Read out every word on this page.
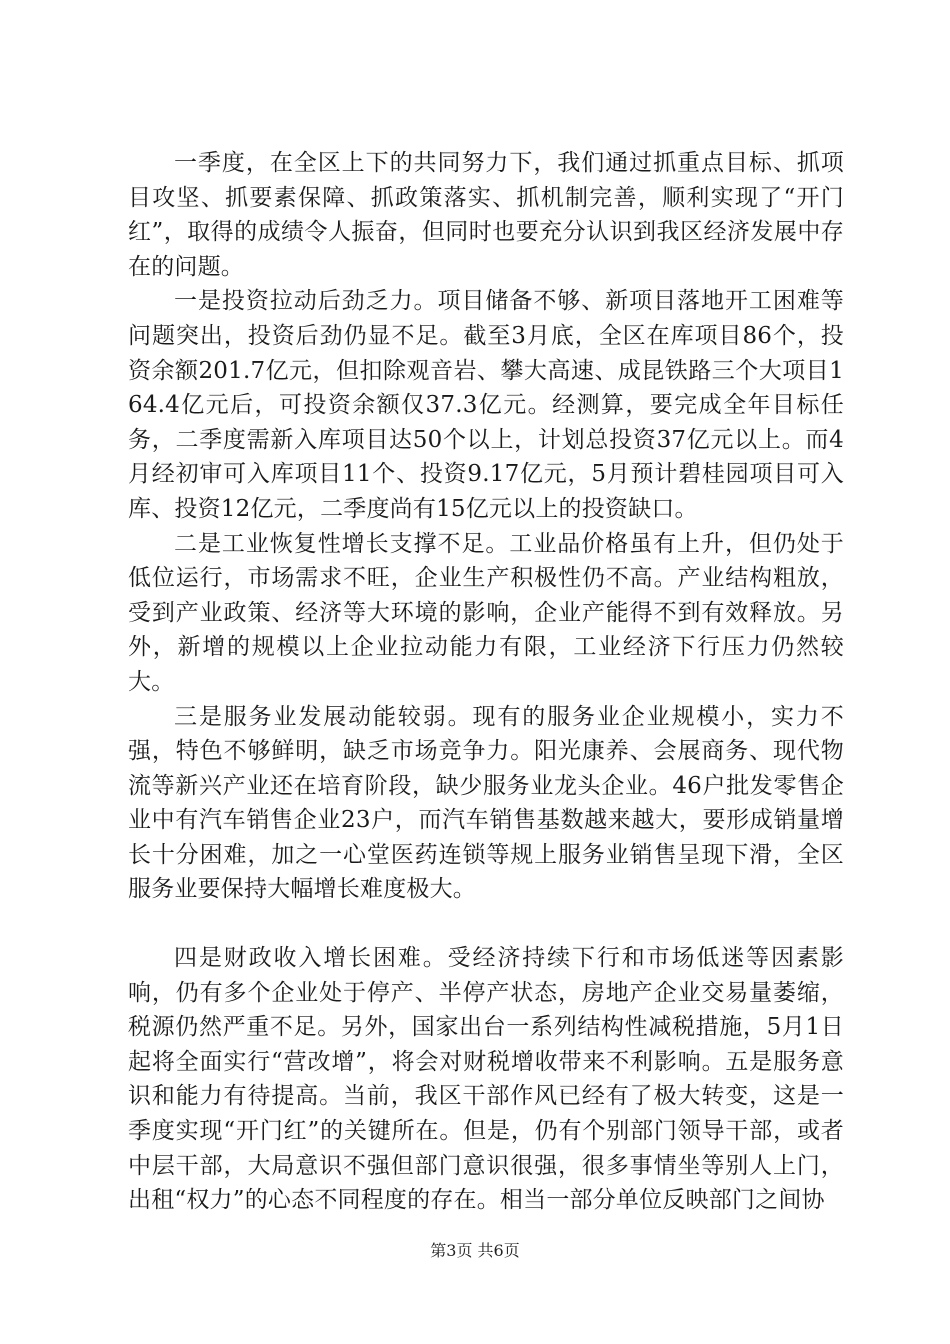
一季度，在全区上下的共同努力下，我们通过抓重点目标、抓项目攻坚、抓要素保障、抓政策落实、抓机制完善，顺利实现了“开门红”，取得的成绩令人振奋，但同时也要充分认识到我区经济发展中存在的问题。

一是投资拉动后劲乏力。项目储备不够、新项目落地开工困难等问题突出，投资后劲仍显不足。截至3月底，全区在库项目86个，投资余额201.7亿元，但扣除观音岩、攀大高速、成昆铁路三个大项目164.4亿元后，可投资余额仅37.3亿元。经测算，要完成全年目标任务，二季度需新入库项目达50个以上，计划总投资37亿元以上。而4月经初审可入库项目11个、投资9.17亿元，5月预计碧桂园项目可入库、投资12亿元，二季度尚有15亿元以上的投资缺口。

二是工业恢复性增长支撑不足。工业品价格虽有上升，但仍处于低位运行，市场需求不旺，企业生产积极性仍不高。产业结构粗放，受到产业政策、经济等大环境的影响，企业产能得不到有效释放。另外，新增的规模以上企业拉动能力有限，工业经济下行压力仍然较大。

三是服务业发展动能较弱。现有的服务业企业规模小，实力不强，特色不够鲜明，缺乏市场竞争力。阳光康养、会展商务、现代物流等新兴产业还在培育阶段，缺少服务业龙头企业。46户批发零售企业中有汽车销售企业23户，而汽车销售基数越来越大，要形成销量增长十分困难，加之一心堂医药连锁等规上服务业销售呈现下滑，全区服务业要保持大幅增长难度极大。

四是财政收入增长困难。受经济持续下行和市场低迷等因素影响，仍有多个企业处于停产、半停产状态，房地产企业交易量萎缩，税源仍然严重不足。另外，国家出台一系列结构性减税措施，5月1日起将全面实行“营改增”，将会对财税增收带来不利影响。五是服务意识和能力有待提高。当前，我区干部作风已经有了极大转变，这是一季度实现“开门红”的关键所在。但是，仍有个别部门领导干部，或者中层干部，大局意识不强但部门意识很强，很多事情坐等别人上门，出租“权力”的心态不同程度的存在。相当一部分单位反映部门之间协

第3页 共6页
